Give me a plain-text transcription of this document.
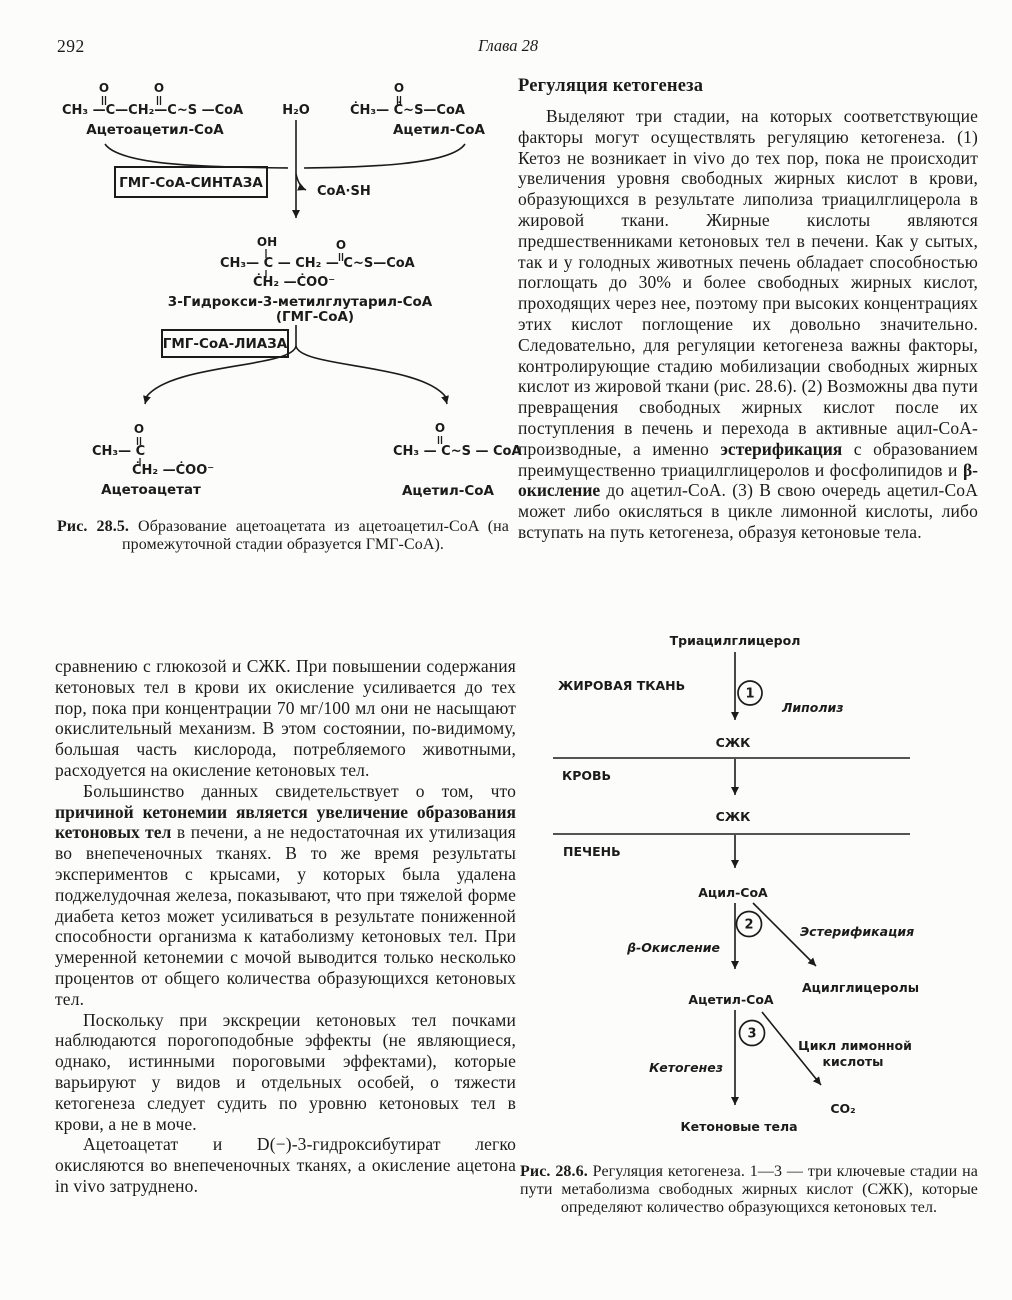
292	Глава 28
O	O
CH₃ —C—CH₂—C~S —CoA
Ацетоацетил-CoA
H₂O
O
ĊH₃— Ċ~S—CoA
Ацетил-CoA
ГМГ-CoA-СИНТАЗА
CoA·SH
OH	O
CH₃— C — CH₂ — C~S—CoA
ĊH₂ —ĊOO⁻
3-Гидрокси-3-метилглутарил-CoA
(ГМГ-CoA)
ГМГ-CoA-ЛИАЗА
O
CH₃— C
ĊH₂ —ĊOO⁻
Ацетоацетат
O
CH₃ — C~S — CoA
Ацетил-CoA
Рис. 28.5. Образование ацетоацетата из ацетоацетил-CoA (на промежуточной стадии образуется ГМГ-CoA).
Регуляция кетогенеза

Выделяют три стадии, на которых соответствующие факторы могут осуществлять регуляцию кетогенеза. (1) Кетоз не возникает in vivo до тех пор, пока не происходит увеличения уровня свободных жирных кислот в крови, образующихся в результате липолиза триацилглицерола в жировой ткани. Жирные кислоты являются предшественниками кетоновых тел в печени. Как у сытых, так и у голодных животных печень обладает способностью поглощать до 30% и более свободных жирных кислот, проходящих через нее, поэтому при высоких концентрациях этих кислот поглощение их довольно значительно. Следовательно, для регуляции кетогенеза важны факторы, контролирующие стадию мобилизации свободных жирных кислот из жировой ткани (рис. 28.6). (2) Возможны два пути превращения свободных жирных кислот после их поступления в печень и перехода в активные ацил-CoA-производные, а именно эстерификация с образованием преимущественно триацилглицеролов и фосфолипидов и β-окисление до ацетил-CoA. (3) В свою очередь ацетил-CoA может либо окисляться в цикле лимонной кислоты, либо вступать на путь кетогенеза, образуя кетоновые тела.

сравнению с глюкозой и СЖК. При повышении содержания кетоновых тел в крови их окисление усиливается до тех пор, пока при концентрации 70 мг/100 мл они не насыщают окислительный механизм. В этом состоянии, по-видимому, большая часть кислорода, потребляемого животными, расходуется на окисление кетоновых тел.

Большинство данных свидетельствует о том, что причиной кетонемии является увеличение образования кетоновых тел в печени, а не недостаточная их утилизация во внепеченочных тканях. В то же время результаты экспериментов с крысами, у которых была удалена поджелудочная железа, показывают, что при тяжелой форме диабета кетоз может усиливаться в результате пониженной способности организма к катаболизму кетоновых тел. При умеренной кетонемии с мочой выводится только несколько процентов от общего количества образующихся кетоновых тел.

Поскольку при экскреции кетоновых тел почками наблюдаются порогоподобные эффекты (не являющиеся, однако, истинными пороговыми эффектами), которые варьируют у видов и отдельных особей, о тяжести кетогенеза следует судить по уровню кетоновых тел в крови, а не в моче.

Ацетоацетат и D(−)-3-гидроксибутират легко окисляются во внепеченочных тканях, а окисление ацетона in vivo затруднено.

Триацилглицерол
ЖИРОВАЯ ТКАНЬ
1
Липолиз
СЖК
КРОВЬ
СЖК
ПЕЧЕНЬ
Ацил-CoA
2
β-Окисление
Эстерификация
Ацилглицеролы
Ацетил-CoA
3
Кетогенез
Цикл лимонной
кислоты
CO₂
Кетоновые тела
Рис. 28.6. Регуляция кетогенеза. 1—3 — три ключевые стадии на пути метаболизма свободных жирных кислот (СЖК), которые определяют количество образующихся кетоновых тел.
